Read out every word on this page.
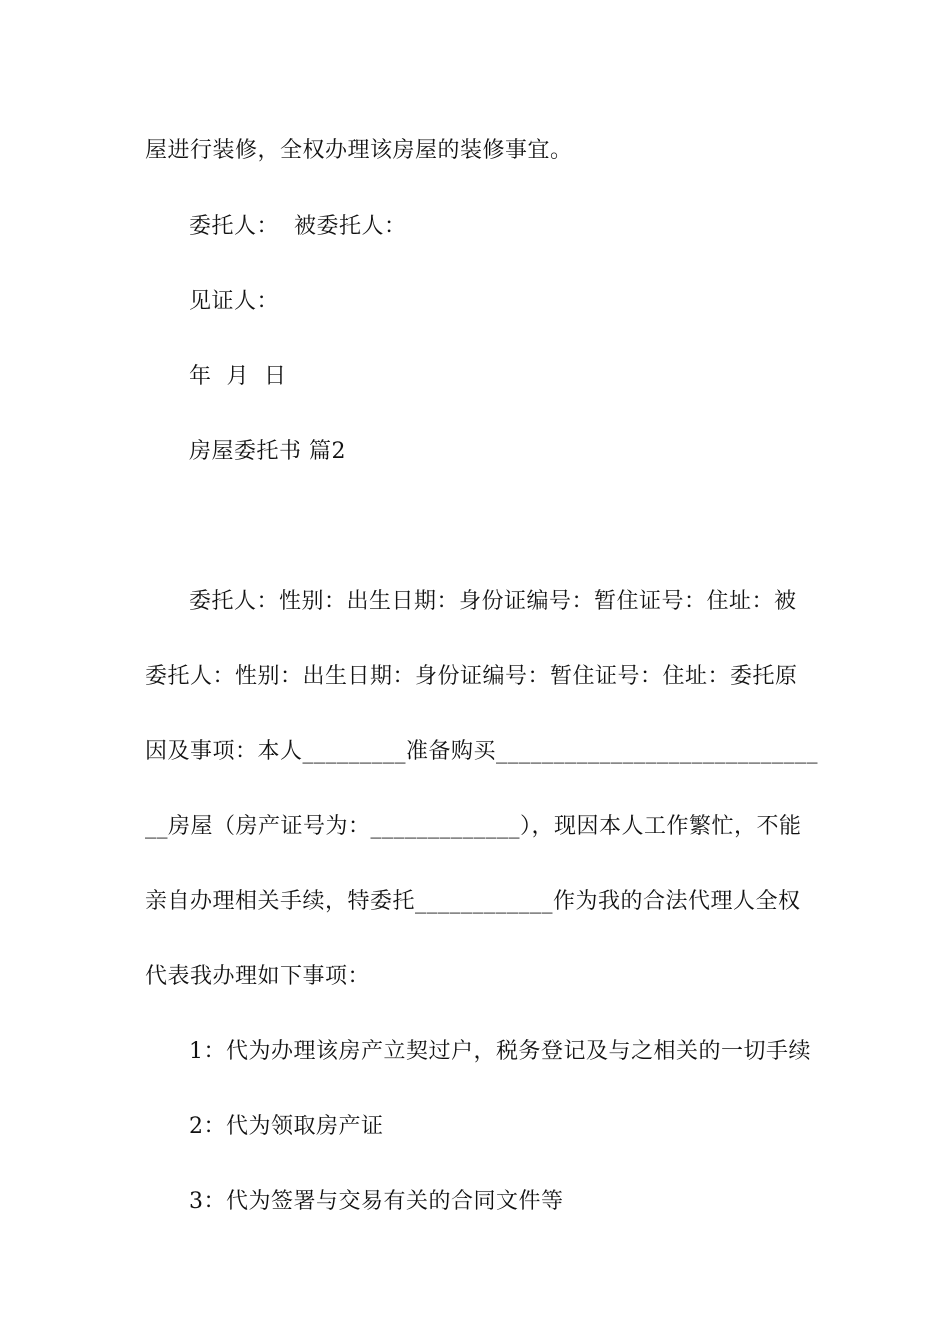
屋进行装修，全权办理该房屋的装修事宜。
委托人：  被委托人：
见证人：
年  月  日
房屋委托书 篇2
委托人：性别：出生日期：身份证编号：暂住证号：住址：被
委托人：性别：出生日期：身份证编号：暂住证号：住址：委托原
因及事项：本人_________准备购买____________________________
__房屋（房产证号为：_____________），现因本人工作繁忙，不能
亲自办理相关手续，特委托____________作为我的合法代理人全权
代表我办理如下事项：
1：代为办理该房产立契过户，税务登记及与之相关的一切手续
2：代为领取房产证
3：代为签署与交易有关的合同文件等
